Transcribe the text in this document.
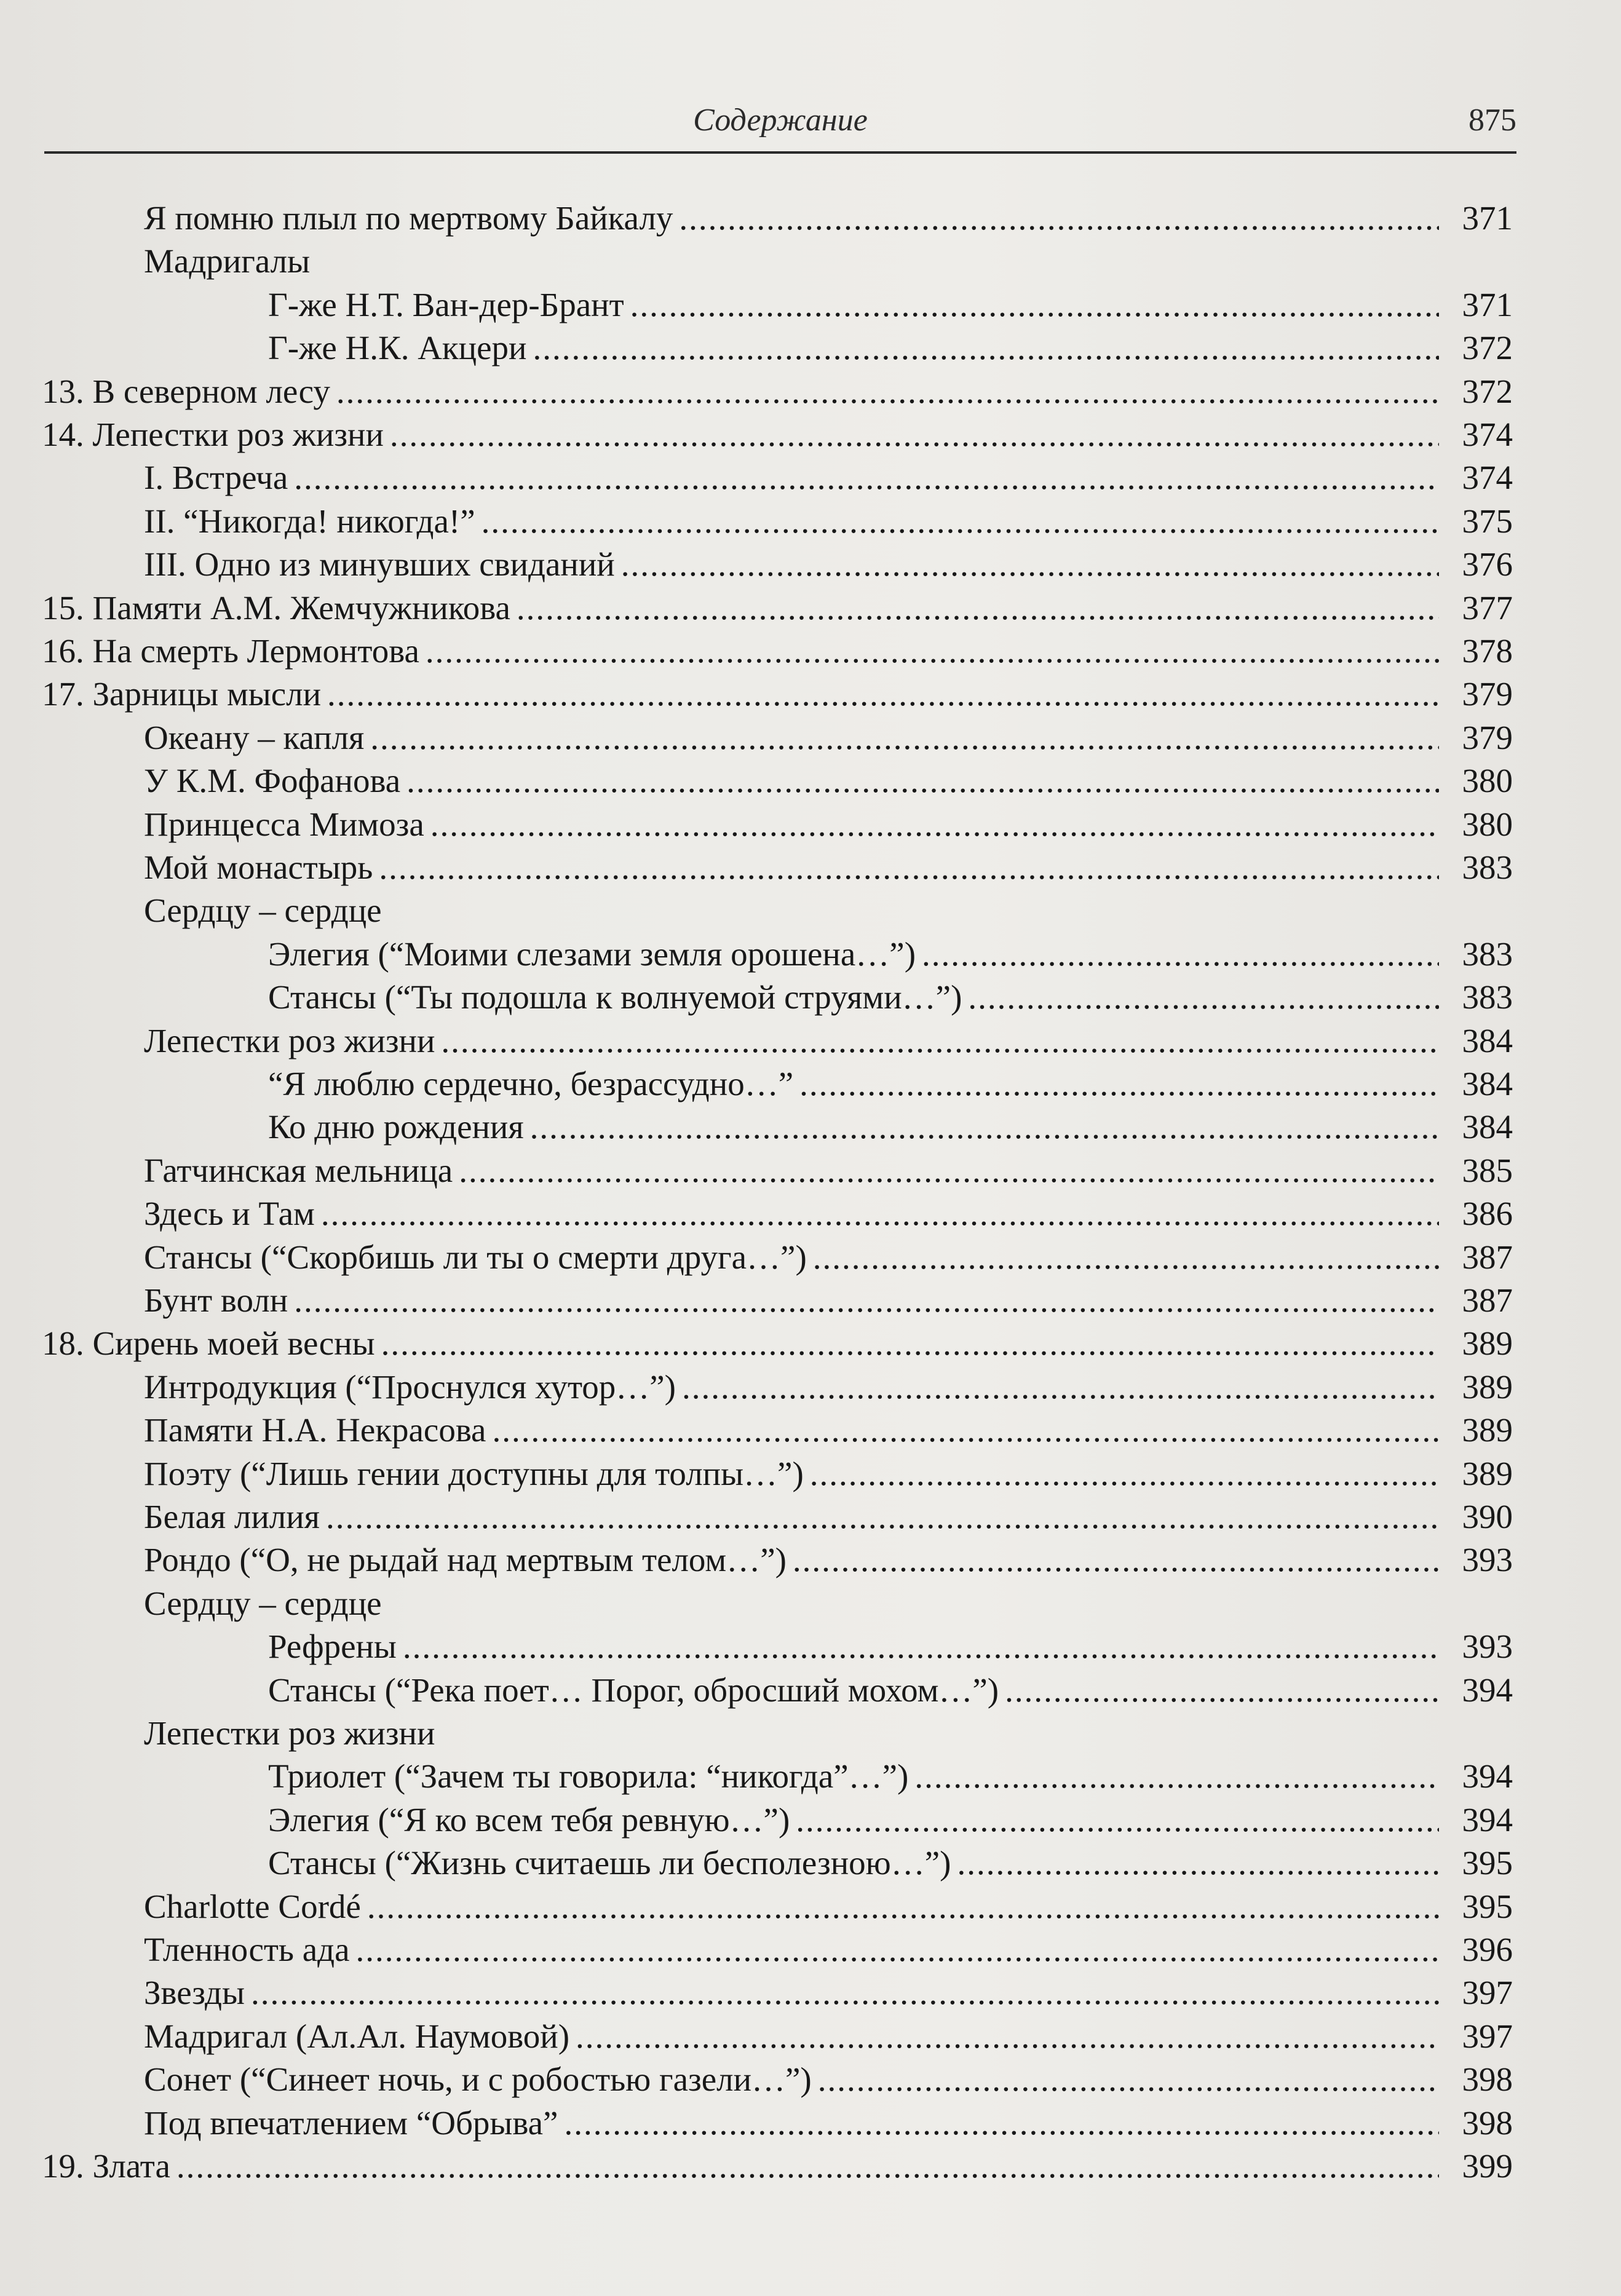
Содержание	875
Я помню плыл по мертвому Байкалу .....	371
Мадригалы
Г-же Н.Т. Ван-дер-Брант .....	371
Г-же Н.К. Акцери .....	372
13. В северном лесу .....	372
14. Лепестки роз жизни .....	374
I. Встреча .....	374
II. “Никогда! никогда!” .....	375
III. Одно из минувших свиданий .....	376
15. Памяти А.М. Жемчужникова .....	377
16. На смерть Лермонтова .....	378
17. Зарницы мысли .....	379
Океану – капля .....	379
У К.М. Фофанова .....	380
Принцесса Мимоза .....	380
Мой монастырь .....	383
Сердцу – сердце
Элегия (“Моими слезами земля орошена…”) .....	383
Стансы (“Ты подошла к волнуемой струями…”) .....	383
Лепестки роз жизни .....	384
“Я люблю сердечно, безрассудно…” .....	384
Ко дню рождения .....	384
Гатчинская мельница .....	385
Здесь и Там .....	386
Стансы (“Скорбишь ли ты о смерти друга…”) .....	387
Бунт волн .....	387
18. Сирень моей весны .....	389
Интродукция (“Проснулся хутор…”) .....	389
Памяти Н.А. Некрасова .....	389
Поэту (“Лишь гении доступны для толпы…”) .....	389
Белая лилия .....	390
Рондо (“О, не рыдай над мертвым телом…”) .....	393
Сердцу – сердце
Рефрены .....	393
Стансы (“Река поет… Порог, обросший мохом…”) .....	394
Лепестки роз жизни
Триолет (“Зачем ты говорила: “никогда”…”) .....	394
Элегия (“Я ко всем тебя ревную…”) .....	394
Стансы (“Жизнь считаешь ли бесполезною…”) .....	395
Charlotte Cordé .....	395
Тленность ада .....	396
Звезды .....	397
Мадригал (Ал.Ал. Наумовой) .....	397
Сонет (“Синеет ночь, и с робостью газели…”) .....	398
Под впечатлением “Обрыва” .....	398
19. Злата .....	399
